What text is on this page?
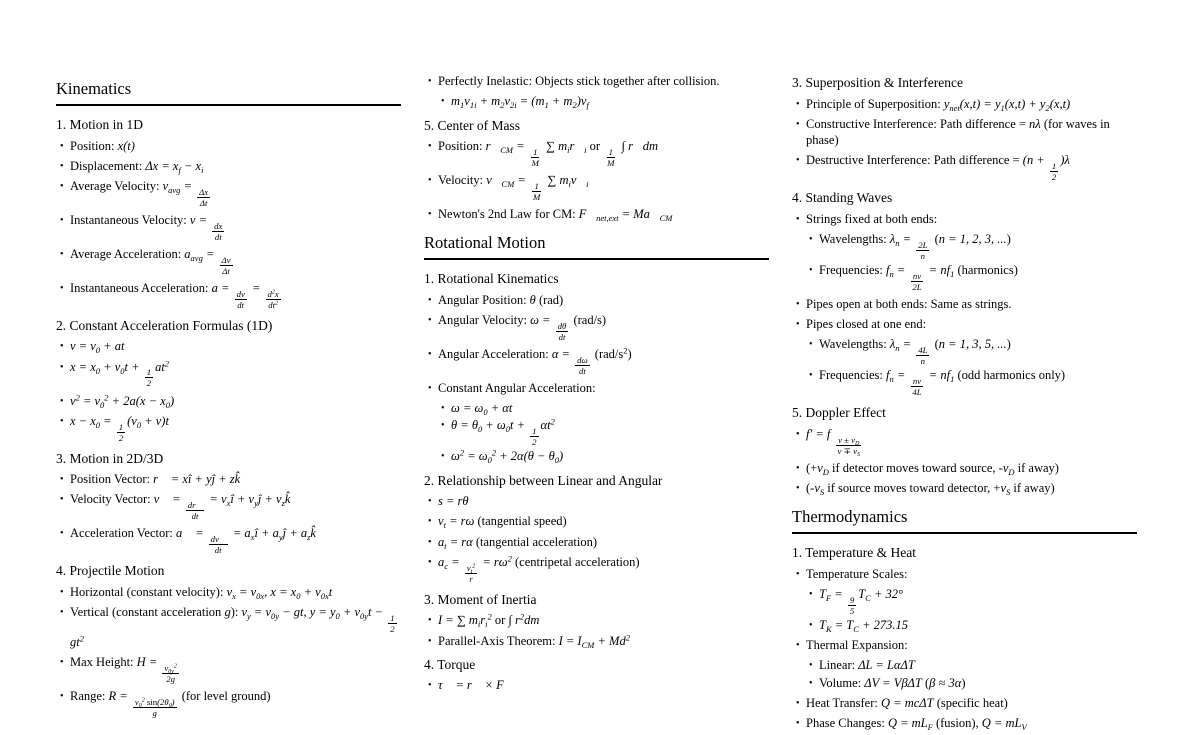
Kinematics
1. Motion in 1D
• Position: x(t)
• Displacement: $\Delta x = x_f - x_i$
• Average Velocity: $v_{avg}$ =
$\frac{\Delta x}{\Delta t}$
• Instantaneous Velocity: v =
$\frac{dx}{dt}$
• Average Acceleration: $a_{avg}$ =
$\frac{\Delta v}{\Delta t}$
• Instantaneous Acceleration: a =
$\frac{dv}{dt}$
=
$\frac{d^2x}{dt^2}$
2. Constant Acceleration Formulas (1D)
• $v = v_0$ + at
• $x = x_0 + v_0t$ +
$\frac{1}{2}$
$at^2$
• $v^2 = v_0^2 + 2a(x - x_0)$
• $x - x_0$ =
$\frac{1}{2}$
$(v_0 + v)t$
3. Motion in 2D/3D
• Position Vector: r⃗ = xî + yĵ + zk̂
• Velocity Vector: v⃗ =
$\frac{dr⃗}{dt}$
= $v_xî$ + $v_yĵ$ + $v_zk̂$
• Acceleration Vector: a⃗ =
$\frac{dv⃗}{dt}$
= $a_xî$ + $a_yĵ$ + $a_zk̂$
4. Projectile Motion
• Horizontal (constant velocity): $v_x = v_{0x}$, $x = x_0 + v_{0x}t$
• Vertical (constant acceleration g): $v_y = v_{0y}$ − gt, $y = y_0 + v_{0y}t$ −
$\frac{1}{2}$
$gt^2$
• Max Height: H =
$\frac{v_{0y}^2}{2g}$
• Range: R =
$\frac{v_0^2 \sin(2\theta_0)}{g}$
(for level ground)
• Perfectly Inelastic: Objects stick together after collision.
• $m_1v_{1i} + m_2v_{2i} = (m_1 + m_2)v_f$
5. Center of Mass
• Position: $r⃗_{CM}$ =
$\frac{1}{M}$
∑ $m_ir⃗_i$ or
$\frac{1}{M}$
∫ r⃗dm
• Velocity: $v⃗_{CM}$ =
$\frac{1}{M}$
∑ $m_iv⃗_i$
• Newton's 2nd Law for CM: $F⃗_{net,ext}$ = $Ma⃗_{CM}$
Rotational Motion
1. Rotational Kinematics
• Angular Position: θ (rad)
• Angular Velocity: ω =
$\frac{d\theta}{dt}$
(rad/s)
• Angular Acceleration: α =
$\frac{d\omega}{dt}$
$(rad/s^2)$
• Constant Angular Acceleration:
• $\omega = \omega_0 + \alpha t$
• $\theta = \theta_0 + \omega_0t$ +
$\frac{1}{2}$
$\alpha t^2$
• $\omega^2 = \omega_0^2 + 2\alpha(\theta - \theta_0)$
2. Relationship between Linear and Angular
• s = rθ
• $v_t = r\omega$ (tangential speed)
• $a_t = r\alpha$ (tangential acceleration)
• $a_c$ =
$\frac{v_t^2}{r}$
= $r\omega^2$ (centripetal acceleration)
3. Moment of Inertia
• I = ∑ $m_ir_i^2$ or ∫ $r^2dm$
• Parallel-Axis Theorem: $I = I_{CM} + Md^2$
4. Torque
• τ⃗ = r⃗ × F⃗
3. Superposition & Interference
• Principle of Superposition: $y_{net}(x,t) = y_1(x,t) + y_2(x,t)$
• Constructive Interference: Path difference = nλ (for waves in phase)
• Destructive Interference: Path difference = (n +
$\frac{1}{2}$
)λ
4. Standing Waves
• Strings fixed at both ends:
• Wavelengths: $\lambda_n$ =
$\frac{2L}{n}$
(n = 1, 2, 3, ...)
• Frequencies: $f_n$ =
$\frac{nv}{2L}$
= $nf_1$ (harmonics)
• Pipes open at both ends: Same as strings.
• Pipes closed at one end:
• Wavelengths: $\lambda_n$ =
$\frac{4L}{n}$
(n = 1, 3, 5, ...)
• Frequencies: $f_n$ =
$\frac{nv}{4L}$
= $nf_1$ (odd harmonics only)
5. Doppler Effect
• f′ = f
$\frac{v \pm v_D}{v \mp v_S}$
• ($+v_D$ if detector moves toward source, $-v_D$ if away)
• ($-v_S$ if source moves toward detector, $+v_S$ if away)
Thermodynamics
1. Temperature & Heat
• Temperature Scales:
• $T_F$ =
$\frac{9}{5}$
$T_C + 32^\circ$
• $T_K = T_C + 273.15$
• Thermal Expansion:
• Linear: ΔL = LαΔT
• Volume: ΔV = VβΔT (β ≈ 3α)
• Heat Transfer: Q = mcΔT (specific heat)
• Phase Changes: $Q = mL_F$ (fusion), $Q = mL_V$
